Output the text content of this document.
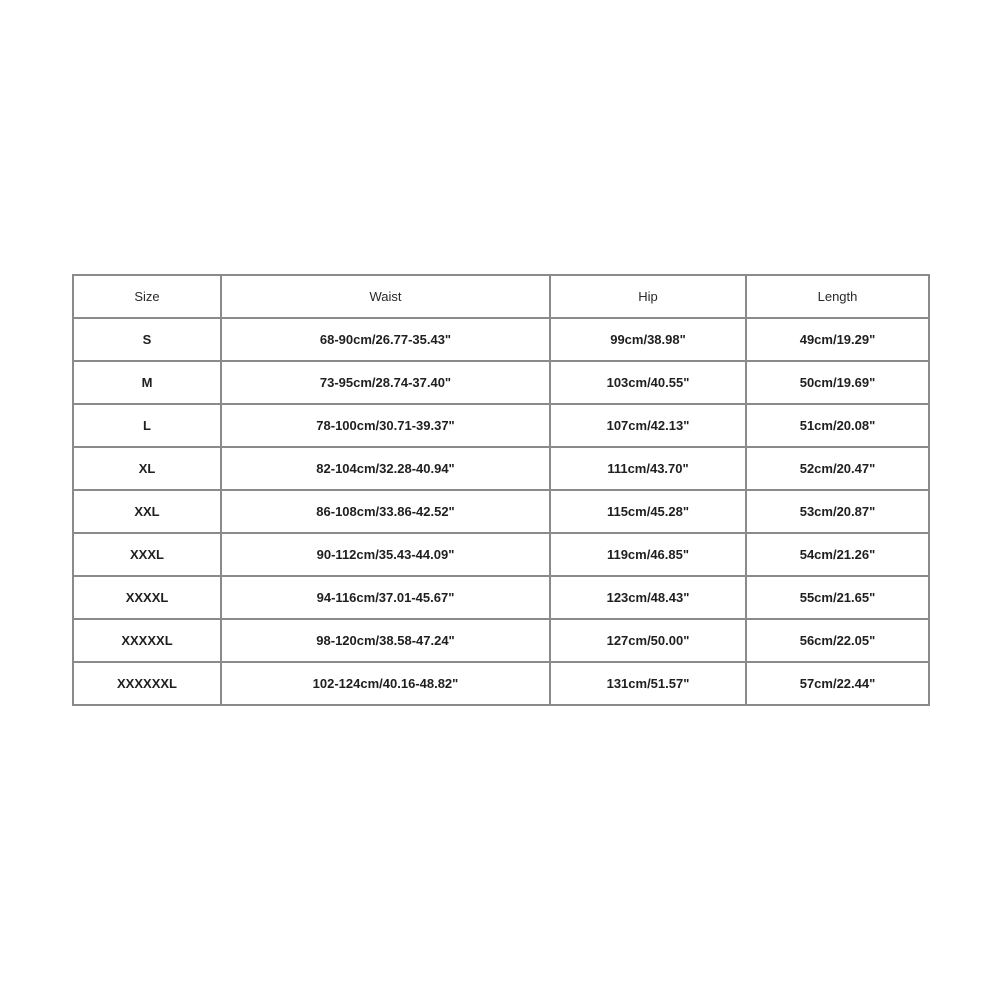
Size	Waist	Hip	Length
S	68-90cm/26.77-35.43"	99cm/38.98"	49cm/19.29"
M	73-95cm/28.74-37.40"	103cm/40.55"	50cm/19.69"
L	78-100cm/30.71-39.37"	107cm/42.13"	51cm/20.08"
XL	82-104cm/32.28-40.94"	111cm/43.70"	52cm/20.47"
XXL	86-108cm/33.86-42.52"	115cm/45.28"	53cm/20.87"
XXXL	90-112cm/35.43-44.09"	119cm/46.85"	54cm/21.26"
XXXXL	94-116cm/37.01-45.67"	123cm/48.43"	55cm/21.65"
XXXXXL	98-120cm/38.58-47.24"	127cm/50.00"	56cm/22.05"
XXXXXXL	102-124cm/40.16-48.82"	131cm/51.57"	57cm/22.44"
